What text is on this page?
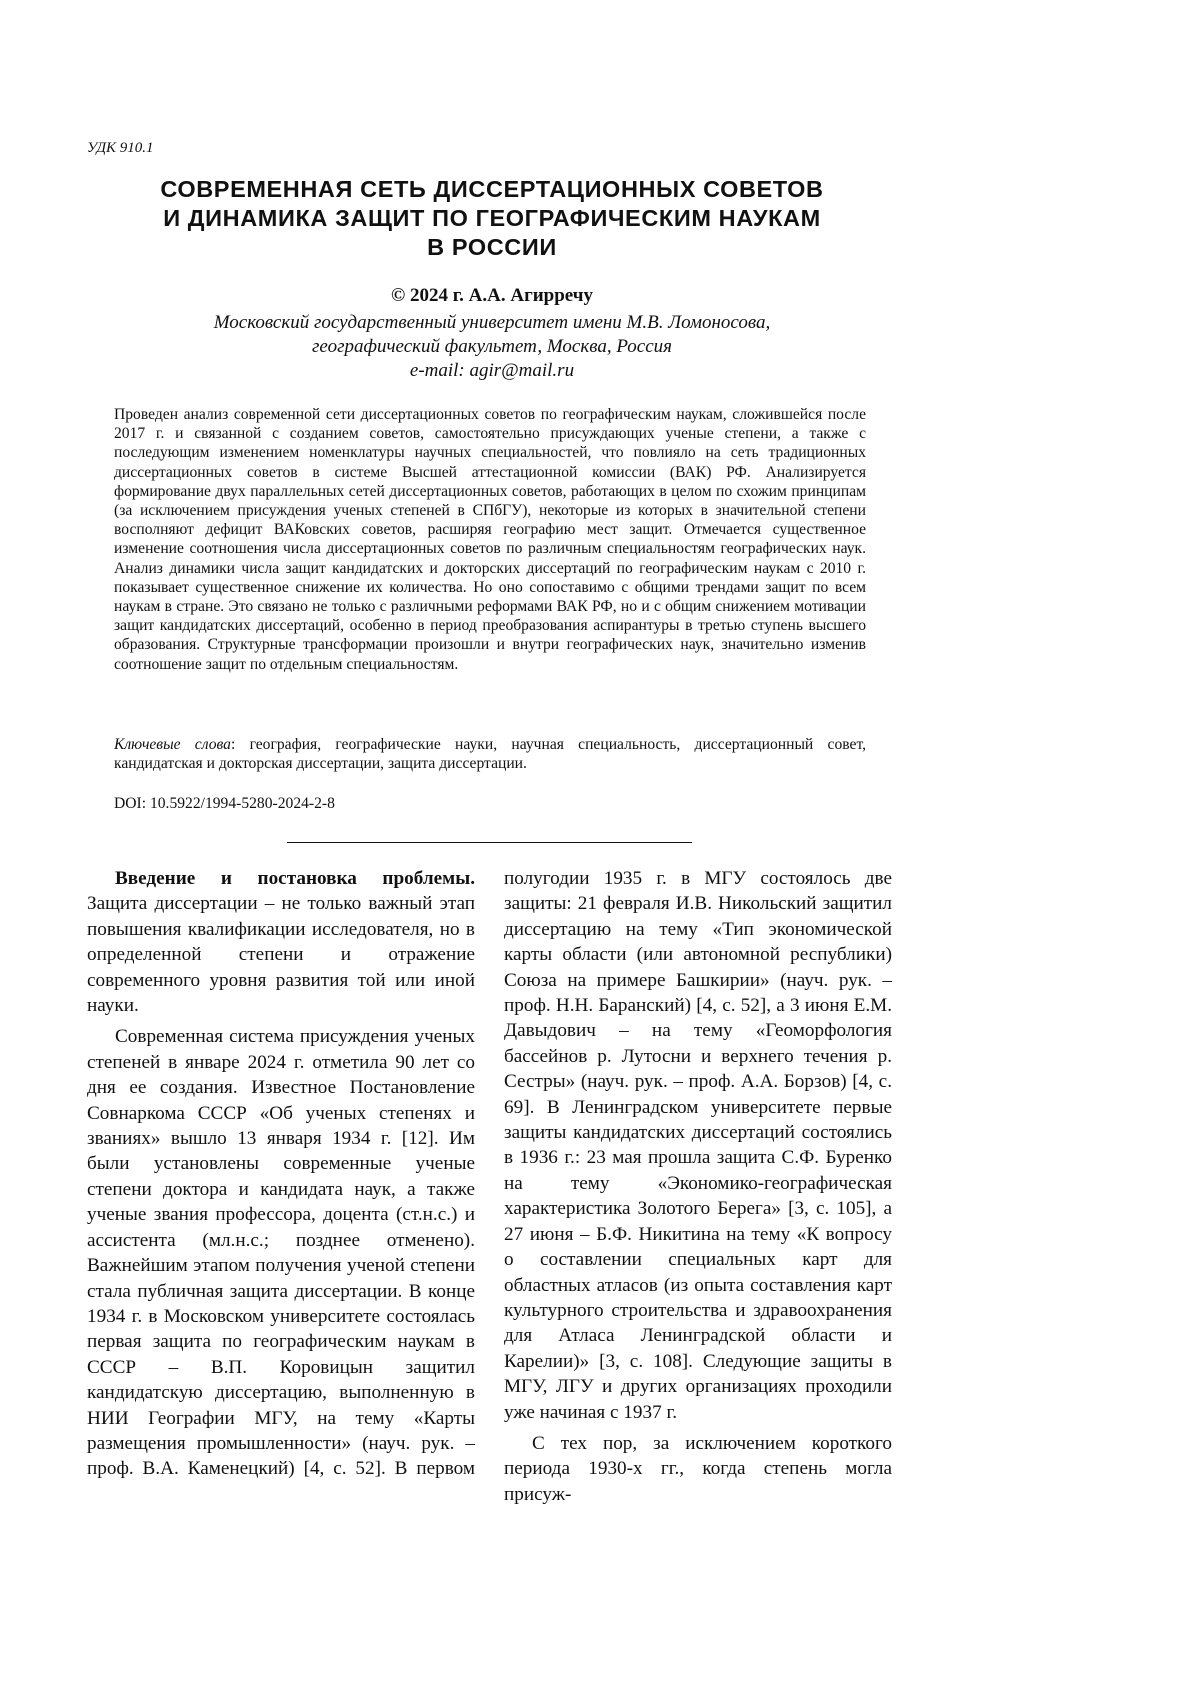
УДК 910.1
СОВРЕМЕННАЯ СЕТЬ ДИССЕРТАЦИОННЫХ СОВЕТОВ
И ДИНАМИКА ЗАЩИТ ПО ГЕОГРАФИЧЕСКИМ НАУКАМ
В РОССИИ
© 2024 г. А.А. Агирречу
Московский государственный университет имени М.В. Ломоносова,
географический факультет, Москва, Россия
e-mail: agir@mail.ru
Проведен анализ современной сети диссертационных советов по географическим наукам, сложившейся после 2017 г. и связанной с созданием советов, самостоятельно присуждающих ученые степени, а также с последующим изменением номенклатуры научных специальностей, что повлияло на сеть традиционных диссертационных советов в системе Высшей аттестационной комиссии (ВАК) РФ. Анализируется формирование двух параллельных сетей диссертационных советов, работающих в целом по схожим принципам (за исключением присуждения ученых степеней в СПбГУ), некоторые из которых в значительной степени восполняют дефицит ВАКовских советов, расширяя географию мест защит. Отмечается существенное изменение соотношения числа диссертационных советов по различным специальностям географических наук. Анализ динамики числа защит кандидатских и докторских диссертаций по географическим наукам с 2010 г. показывает существенное снижение их количества. Но оно сопоставимо с общими трендами защит по всем наукам в стране. Это связано не только с различными реформами ВАК РФ, но и с общим снижением мотивации защит кандидатских диссертаций, особенно в период преобразования аспирантуры в третью ступень высшего образования. Структурные трансформации произошли и внутри географических наук, значительно изменив соотношение защит по отдельным специальностям.
Ключевые слова: география, географические науки, научная специальность, диссертационный совет, кандидатская и докторская диссертации, защита диссертации.
DOI: 10.5922/1994-5280-2024-2-8

Введение и постановка проблемы. Защита диссертации – не только важный этап повышения квалификации исследователя, но в определенной степени и отражение современного уровня развития той или иной науки.

Современная система присуждения ученых степеней в январе 2024 г. отметила 90 лет со дня ее создания. Известное Постановление Совнаркома СССР «Об ученых степенях и званиях» вышло 13 января 1934 г. [12]. Им были установлены современные ученые степени доктора и кандидата наук, а также ученые звания профессора, доцента (ст.н.с.) и ассистента (мл.н.с.; позднее отменено). Важнейшим этапом получения ученой степени стала публичная защита диссертации. В конце 1934 г. в Московском университете состоялась первая защита по географическим наукам в СССР – В.П. Коровицын защитил кандидатскую диссертацию, выполненную в НИИ Географии МГУ, на тему «Карты размещения промышленности» (науч. рук. – проф. В.А. Каменецкий) [4, с. 52]. В первом

полугодии 1935 г. в МГУ состоялось две защиты: 21 февраля И.В. Никольский защитил диссертацию на тему «Тип экономической карты области (или автономной республики) Союза на примере Башкирии» (науч. рук. – проф. Н.Н. Баранский) [4, с. 52], а 3 июня Е.М. Давыдович – на тему «Геоморфология бассейнов р. Лутосни и верхнего течения р. Сестры» (науч. рук. – проф. А.А. Борзов) [4, с. 69]. В Ленинградском университете первые защиты кандидатских диссертаций состоялись в 1936 г.: 23 мая прошла защита С.Ф. Буренко на тему «Экономико-географическая характеристика Золотого Берега» [3, с. 105], а 27 июня – Б.Ф. Никитина на тему «К вопросу о составлении специальных карт для областных атласов (из опыта составления карт культурного строительства и здравоохранения для Атласа Ленинградской области и Карелии)» [3, с. 108]. Следующие защиты в МГУ, ЛГУ и других организациях проходили уже начиная с 1937 г.

С тех пор, за исключением короткого периода 1930-х гг., когда степень могла присуж-
